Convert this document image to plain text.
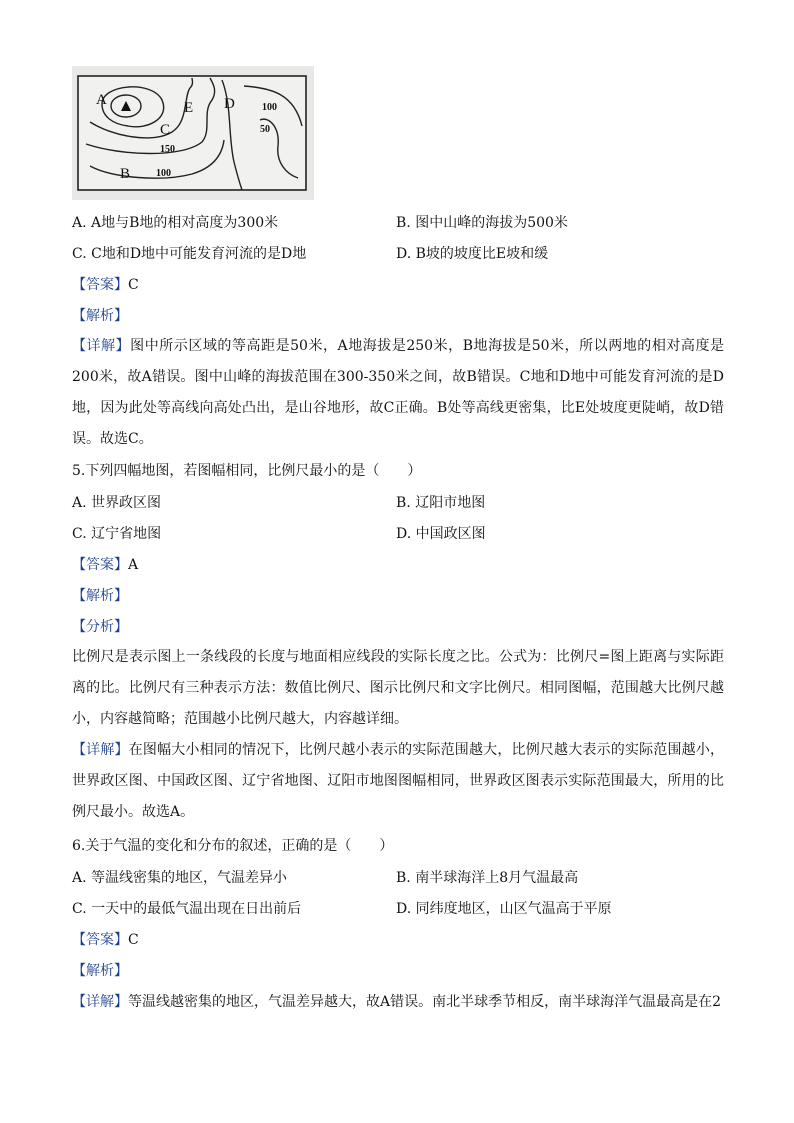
A
B
C
D
E
100
150
100
50
A. A地与B地的相对高度为300米	B. 图中山峰的海拔为500米
C. C地和D地中可能发育河流的是D地	D. B坡的坡度比E坡和缓
【答案】C
【解析】
【详解】图中所示区域的等高距是50米，A地海拔是250米，B地海拔是50米，所以两地的相对高度是200米，故A错误。图中山峰的海拔范围在300-350米之间，故B错误。C地和D地中可能发育河流的是D地，因为此处等高线向高处凸出，是山谷地形，故C正确。B处等高线更密集，比E处坡度更陡峭，故D错误。故选C。
5.下列四幅地图，若图幅相同，比例尺最小的是（　　）
A. 世界政区图	B. 辽阳市地图
C. 辽宁省地图	D. 中国政区图
【答案】A
【解析】
【分析】
比例尺是表示图上一条线段的长度与地面相应线段的实际长度之比。公式为：比例尺=图上距离与实际距离的比。比例尺有三种表示方法：数值比例尺、图示比例尺和文字比例尺。相同图幅，范围越大比例尺越小，内容越简略；范围越小比例尺越大，内容越详细。
【详解】在图幅大小相同的情况下，比例尺越小表示的实际范围越大，比例尺越大表示的实际范围越小，世界政区图、中国政区图、辽宁省地图、辽阳市地图图幅相同，世界政区图表示实际范围最大，所用的比例尺最小。故选A。
6.关于气温的变化和分布的叙述，正确的是（　　）
A. 等温线密集的地区，气温差异小	B. 南半球海洋上8月气温最高
C. 一天中的最低气温出现在日出前后	D. 同纬度地区，山区气温高于平原
【答案】C
【解析】
【详解】等温线越密集的地区，气温差异越大，故A错误。南北半球季节相反，南半球海洋气温最高是在2
